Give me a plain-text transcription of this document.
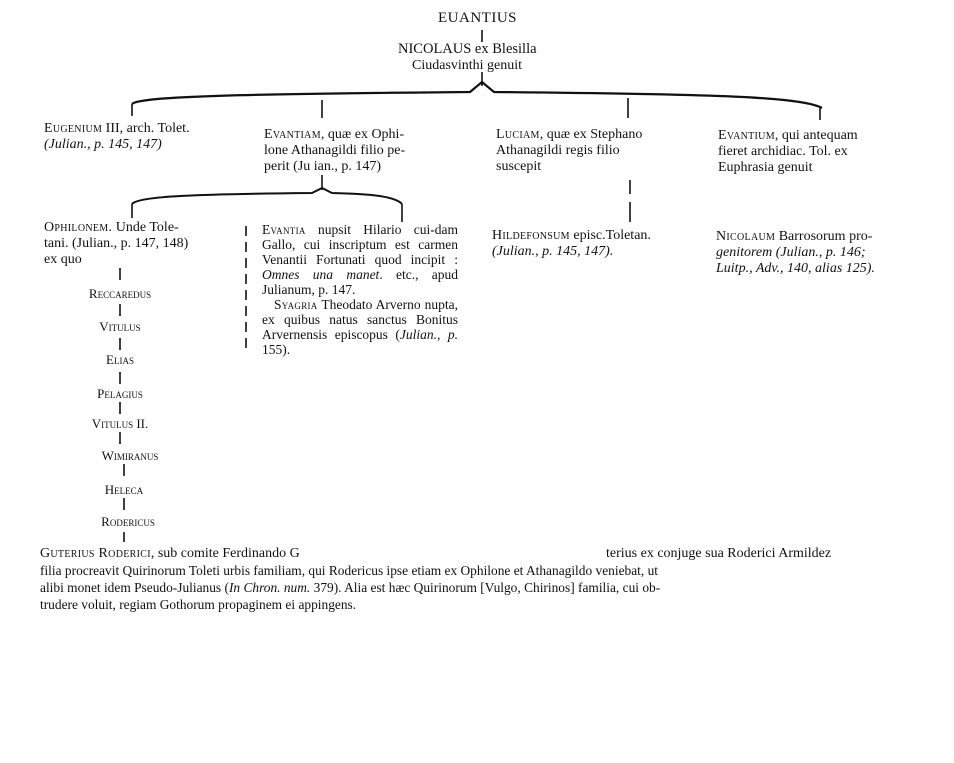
EUANTIUS
NICOLAUS ex Blesilla
Ciudasvinthi genuit
Eugenium III, arch. Tolet.
(Julian., p. 145, 147)
Evantiam, quæ ex Ophi-
lone Athanagildi filio pe-
perit (Ju ian., p. 147)
Luciam, quæ ex Stephano
Athanagildi regis filio
suscepit
Evantium, qui antequam
fieret archidiac. Tol. ex
Euphrasia genuit
Ophilonem. Unde Tole-
tani. (Julian., p. 147, 148)
ex quo
Evantia nupsit Hilario cui-dam Gallo, cui inscriptum est carmen Venantii Fortunati quod incipit : Omnes una manet. etc., apud Julianum, p. 147.
Syagria Theodato Arverno nupta, ex quibus natus sanctus Bonitus Arvernensis episcopus (Julian., p. 155).
Hildefonsum episc.Toletan.
(Julian., p. 145, 147).
Nicolaum Barrosorum pro-
genitorem (Julian., p. 146;
Luitp., Adv., 140, alias 125).
Reccaredus
Vitulus
Elias
Pelagius
Vitulus II.
Wimiranus
Heleca
Rodericus
Guterius Roderici, sub comite Ferdinando G	terius ex conjuge sua Roderici Armildez
filia procreavit Quirinorum Toleti urbis familiam, qui Rodericus ipse etiam ex Ophilone et Athanagildo veniebat, ut
alibi monet idem Pseudo-Julianus (In Chron. num. 379). Alia est hæc Quirinorum [Vulgo, Chirinos] familia, cui ob-
trudere voluit, regiam Gothorum propaginem ei appingens.
